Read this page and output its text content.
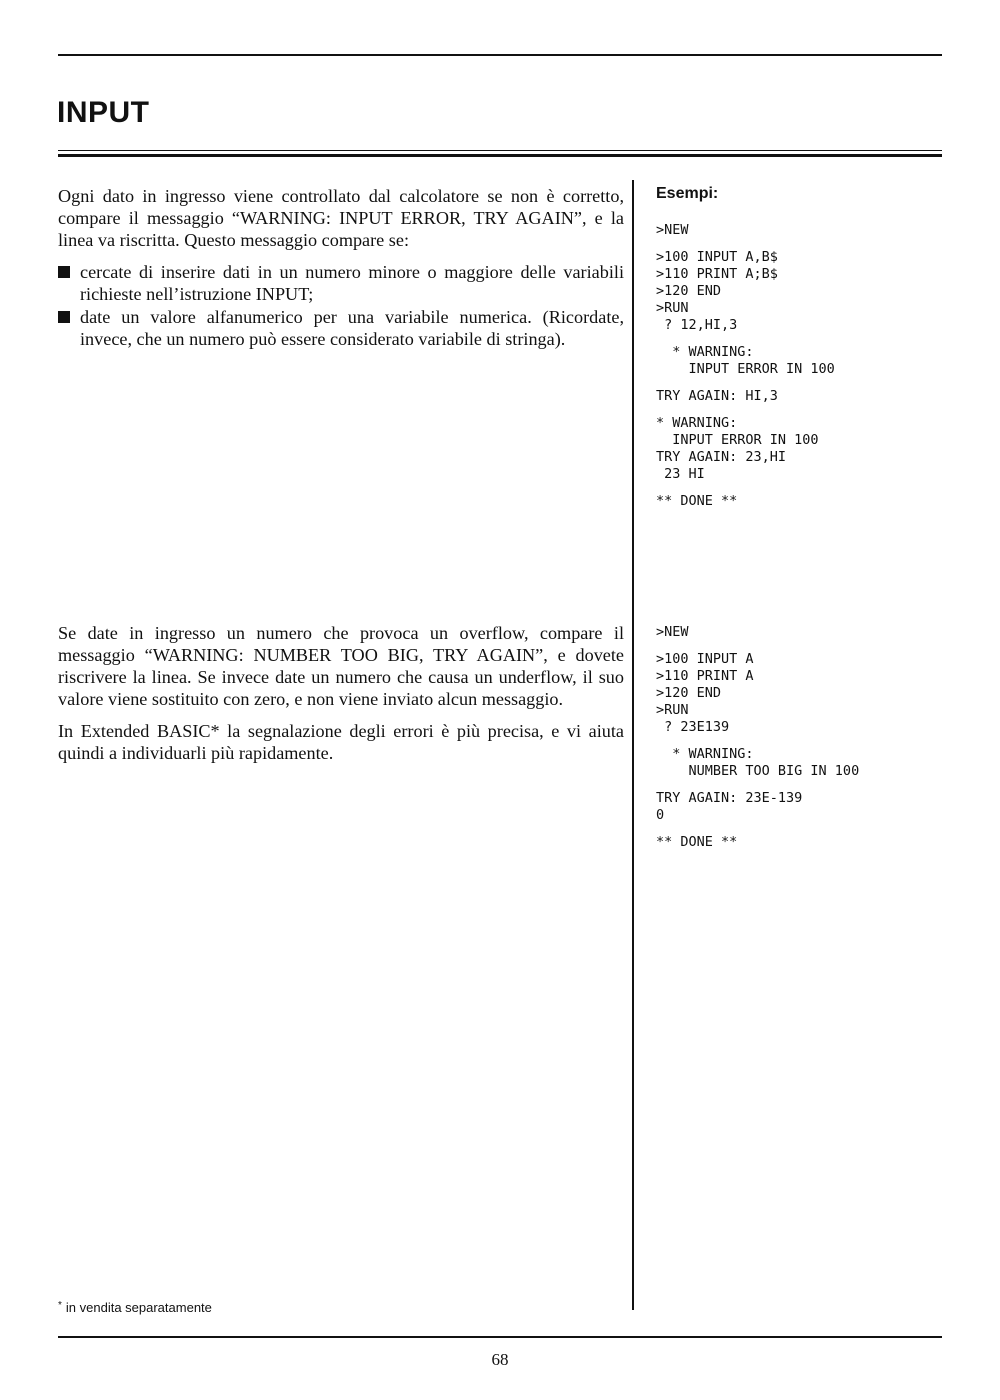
INPUT

Ogni dato in ingresso viene controllato dal calcolatore se non è corretto, compare il messaggio “WARNING: INPUT ERROR, TRY AGAIN”, e la linea va riscritta. Questo messaggio compare se:

cercate di inserire dati in un numero minore o maggiore delle variabili richieste nell’istruzione INPUT;
date un valore alfanumerico per una variabile numerica. (Ricordate, invece, che un numero può essere considerato variabile di stringa).
Esempi:
>NEW
>100 INPUT A,B$
>110 PRINT A;B$
>120 END
>RUN
? 12,HI,3
* WARNING:
INPUT ERROR IN 100
TRY AGAIN: HI,3
* WARNING:
INPUT ERROR IN 100
TRY AGAIN: 23,HI
23 HI
** DONE **

Se date in ingresso un numero che provoca un overflow, compare il messaggio “WARNING: NUMBER TOO BIG, TRY AGAIN”, e dovete riscrivere la linea. Se invece date un numero che causa un underflow, il suo valore viene sostituito con zero, e non viene inviato alcun messaggio.

In Extended BASIC* la segnalazione degli errori è più precisa, e vi aiuta quindi a individuarli più rapidamente.

>NEW
>100 INPUT A
>110 PRINT A
>120 END
>RUN
? 23E139
* WARNING:
NUMBER TOO BIG IN 100
TRY AGAIN: 23E-139
0
** DONE **
* in vendita separatamente
68
